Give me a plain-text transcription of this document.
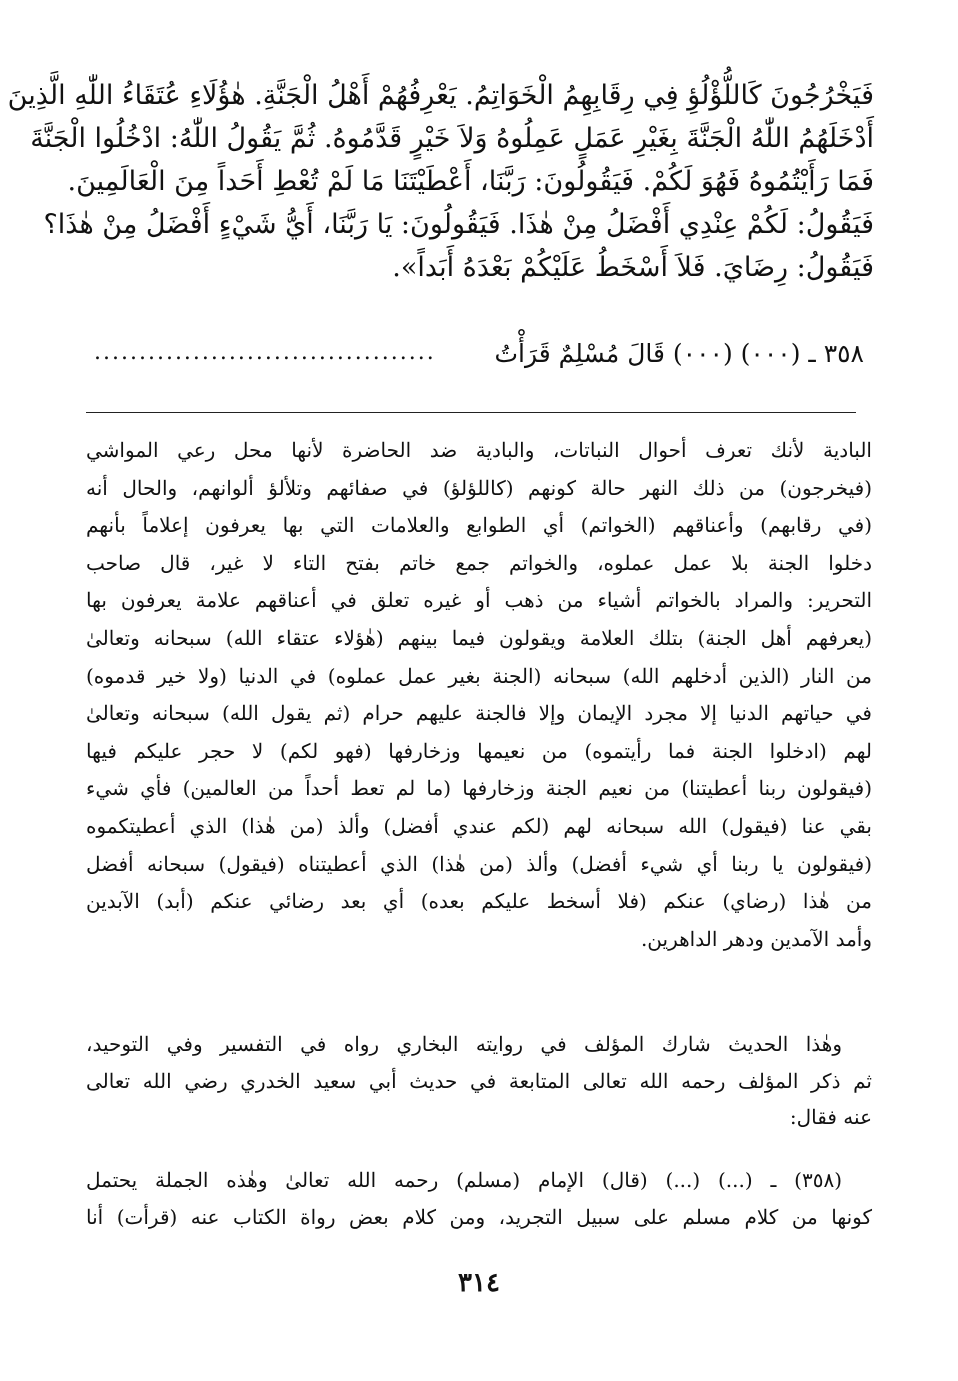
فَيَخْرُجُونَ كَاللُّؤْلُؤِ فِي رِقَابِهِمُ الْخَوَاتِمُ. يَعْرِفُهُمْ أَهْلُ الْجَنَّةِ. هٰؤُلَاءِ عُتَقَاءُ اللّٰهِ الَّذِينَ
أَدْخَلَهُمُ اللّٰهُ الْجَنَّةَ بِغَيْرِ عَمَلٍ عَمِلُوهُ وَلاَ خَيْرٍ قَدَّمُوهُ. ثُمَّ يَقُولُ اللّٰهُ: ادْخُلُوا الْجَنَّةَ
فَمَا رَأَيْتُمُوهُ فَهُوَ لَكُمْ. فَيَقُولُونَ: رَبَّنَا، أَعْطَيْتَنَا مَا لَمْ تُعْطِ أَحَداً مِنَ الْعَالَمِينَ.
فَيَقُولُ: لَكُمْ عِنْدِي أَفْضَلُ مِنْ هٰذَا. فَيَقُولُونَ: يَا رَبَّنَا، أَيُّ شَيْءٍ أَفْضَلُ مِنْ هٰذَا؟
فَيَقُولُ: رِضَايَ. فَلاَ أَسْخَطُ عَلَيْكُمْ بَعْدَهُ أَبَداً».
٣٥٨ ـ (٠٠٠) (٠٠٠) قَالَ مُسْلِمٌ قَرَأْتُ
......................................
البادية لأنك تعرف أحوال النباتات، والبادية ضد الحاضرة لأنها محل رعي المواشي
(فيخرجون) من ذلك النهر حالة كونهم (كاللؤلؤ) في صفائهم وتلألؤ ألوانهم، والحال أنه
(في رقابهم) وأعناقهم (الخواتم) أي الطوابع والعلامات التي بها يعرفون إعلاماً بأنهم
دخلوا الجنة بلا عمل عملوه، والخواتم جمع خاتم بفتح التاء لا غير، قال صاحب
التحرير: والمراد بالخواتم أشياء من ذهب أو غيره تعلق في أعناقهم علامة يعرفون بها
(يعرفهم أهل الجنة) بتلك العلامة ويقولون فيما بينهم (هٰؤلاء عتقاء الله) سبحانه وتعالىٰ
من النار (الذين أدخلهم الله) سبحانه (الجنة بغير عمل عملوه) في الدنيا (ولا خير قدموه)
في حياتهم الدنيا إلا مجرد الإيمان وإلا فالجنة عليهم حرام (ثم يقول الله) سبحانه وتعالىٰ
لهم (ادخلوا الجنة فما رأيتموه) من نعيمها وزخارفها (فهو لكم) لا حجر عليكم فيها
(فيقولون ربنا أعطيتنا) من نعيم الجنة وزخارفها (ما لم تعط أحداً من العالمين) فأي شيء
بقي عنا (فيقول) الله سبحانه لهم (لكم عندي أفضل) وألذ (من هٰذا) الذي أعطيتكموه
(فيقولون يا ربنا أي شيء أفضل) وألذ (من هٰذا) الذي أعطيتناه (فيقول) سبحانه أفضل
من هٰذا (رضاي) عنكم (فلا أسخط عليكم بعده) أي بعد رضائي عنكم (أبد) الآبدين
وأمد الآمدين ودهر الداهرين.
وهٰذا الحديث شارك المؤلف في روايته البخاري رواه في التفسير وفي التوحيد،
ثم ذكر المؤلف رحمه الله تعالى المتابعة في حديث أبي سعيد الخدري رضي الله تعالى
عنه فقال:
(٣٥٨) ـ (...) (...) (قال) الإمام (مسلم) رحمه الله تعالىٰ وهٰذه الجملة يحتمل
كونها من كلام مسلم على سبيل التجريد، ومن كلام بعض رواة الكتاب عنه (قرأت) أنا
٣١٤
